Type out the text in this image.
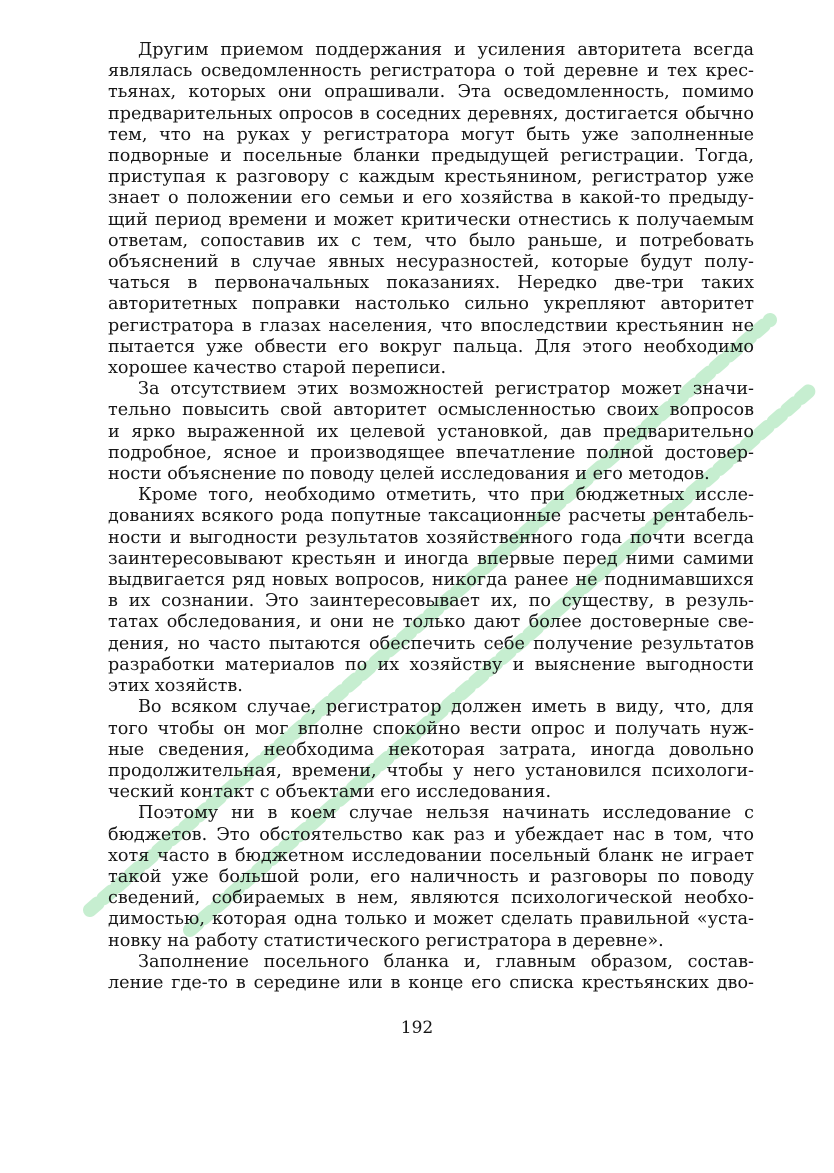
Другим приемом поддержания и усиления авторитета всегда
являлась осведомленность регистратора о той деревне и тех крес-
тьянах, которых они опрашивали. Эта осведомленность, помимо
предварительных опросов в соседних деревнях, достигается обычно
тем, что на руках у регистратора могут быть уже заполненные
подворные и посельные бланки предыдущей регистрации. Тогда,
приступая к разговору с каждым крестьянином, регистратор уже
знает о положении его семьи и его хозяйства в какой-то предыду-
щий период времени и может критически отнестись к получаемым
ответам, сопоставив их с тем, что было раньше, и потребовать
объяснений в случае явных несуразностей, которые будут полу-
чаться в первоначальных показаниях. Нередко две-три таких
авторитетных поправки настолько сильно укрепляют авторитет
регистратора в глазах населения, что впоследствии крестьянин не
пытается уже обвести его вокруг пальца. Для этого необходимо
хорошее качество старой переписи.
За отсутствием этих возможностей регистратор может значи-
тельно повысить свой авторитет осмысленностью своих вопросов
и ярко выраженной их целевой установкой, дав предварительно
подробное, ясное и производящее впечатление полной достовер-
ности объяснение по поводу целей исследования и его методов.
Кроме того, необходимо отметить, что при бюджетных иссле-
дованиях всякого рода попутные таксационные расчеты рентабель-
ности и выгодности результатов хозяйственного года почти всегда
заинтересовывают крестьян и иногда впервые перед ними самими
выдвигается ряд новых вопросов, никогда ранее не поднимавшихся
в их сознании. Это заинтересовывает их, по существу, в резуль-
татах обследования, и они не только дают более достоверные све-
дения, но часто пытаются обеспечить себе получение результатов
разработки материалов по их хозяйству и выяснение выгодности
этих хозяйств.
Во всяком случае, регистратор должен иметь в виду, что, для
того чтобы он мог вполне спокойно вести опрос и получать нуж-
ные сведения, необходима некоторая затрата, иногда довольно
продолжительная, времени, чтобы у него установился психологи-
ческий контакт с объектами его исследования.
Поэтому ни в коем случае нельзя начинать исследование с
бюджетов. Это обстоятельство как раз и убеждает нас в том, что
хотя часто в бюджетном исследовании посельный бланк не играет
такой уже большой роли, его наличность и разговоры по поводу
сведений, собираемых в нем, являются психологической необхо-
димостью, которая одна только и может сделать правильной «уста-
новку на работу статистического регистратора в деревне».
Заполнение посельного бланка и, главным образом, состав-
ление где-то в середине или в конце его списка крестьянских дво-
192
